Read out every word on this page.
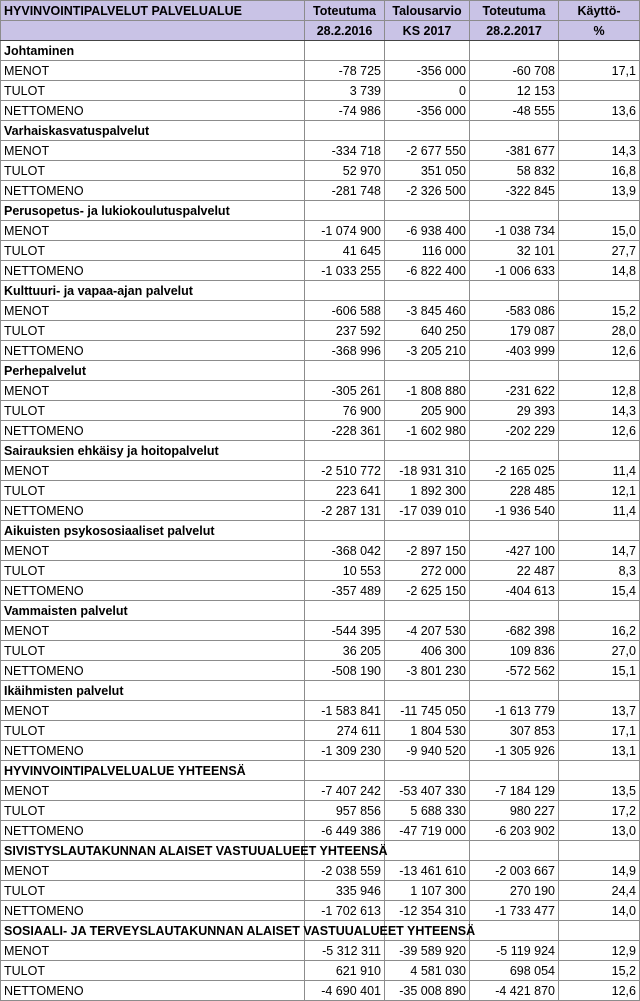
HYVINVOINTIPALVELUT PALVELUALUE	Toteutuma	Talousarvio	Toteutuma	Käyttö-
	28.2.2016	KS 2017	28.2.2017	%
Johtaminen				
MENOT	-78 725	-356 000	-60 708	17,1
TULOT	3 739	0	12 153	
NETTOMENO	-74 986	-356 000	-48 555	13,6
Varhaiskasvatuspalvelut				
MENOT	-334 718	-2 677 550	-381 677	14,3
TULOT	52 970	351 050	58 832	16,8
NETTOMENO	-281 748	-2 326 500	-322 845	13,9
Perusopetus- ja lukiokoulutuspalvelut				
MENOT	-1 074 900	-6 938 400	-1 038 734	15,0
TULOT	41 645	116 000	32 101	27,7
NETTOMENO	-1 033 255	-6 822 400	-1 006 633	14,8
Kulttuuri- ja vapaa-ajan palvelut				
MENOT	-606 588	-3 845 460	-583 086	15,2
TULOT	237 592	640 250	179 087	28,0
NETTOMENO	-368 996	-3 205 210	-403 999	12,6
Perhepalvelut				
MENOT	-305 261	-1 808 880	-231 622	12,8
TULOT	76 900	205 900	29 393	14,3
NETTOMENO	-228 361	-1 602 980	-202 229	12,6
Sairauksien ehkäisy ja hoitopalvelut				
MENOT	-2 510 772	-18 931 310	-2 165 025	11,4
TULOT	223 641	1 892 300	228 485	12,1
NETTOMENO	-2 287 131	-17 039 010	-1 936 540	11,4
Aikuisten psykososiaaliset palvelut				
MENOT	-368 042	-2 897 150	-427 100	14,7
TULOT	10 553	272 000	22 487	8,3
NETTOMENO	-357 489	-2 625 150	-404 613	15,4
Vammaisten palvelut				
MENOT	-544 395	-4 207 530	-682 398	16,2
TULOT	36 205	406 300	109 836	27,0
NETTOMENO	-508 190	-3 801 230	-572 562	15,1
Ikäihmisten palvelut				
MENOT	-1 583 841	-11 745 050	-1 613 779	13,7
TULOT	274 611	1 804 530	307 853	17,1
NETTOMENO	-1 309 230	-9 940 520	-1 305 926	13,1
HYVINVOINTIPALVELUALUE YHTEENSÄ				
MENOT	-7 407 242	-53 407 330	-7 184 129	13,5
TULOT	957 856	5 688 330	980 227	17,2
NETTOMENO	-6 449 386	-47 719 000	-6 203 902	13,0
SIVISTYSLAUTAKUNNAN ALAISET VASTUUALUEET YHTEENSÄ				
MENOT	-2 038 559	-13 461 610	-2 003 667	14,9
TULOT	335 946	1 107 300	270 190	24,4
NETTOMENO	-1 702 613	-12 354 310	-1 733 477	14,0
SOSIAALI- JA TERVEYSLAUTAKUNNAN ALAISET VASTUUALUEET YHTEENSÄ				
MENOT	-5 312 311	-39 589 920	-5 119 924	12,9
TULOT	621 910	4 581 030	698 054	15,2
NETTOMENO	-4 690 401	-35 008 890	-4 421 870	12,6
